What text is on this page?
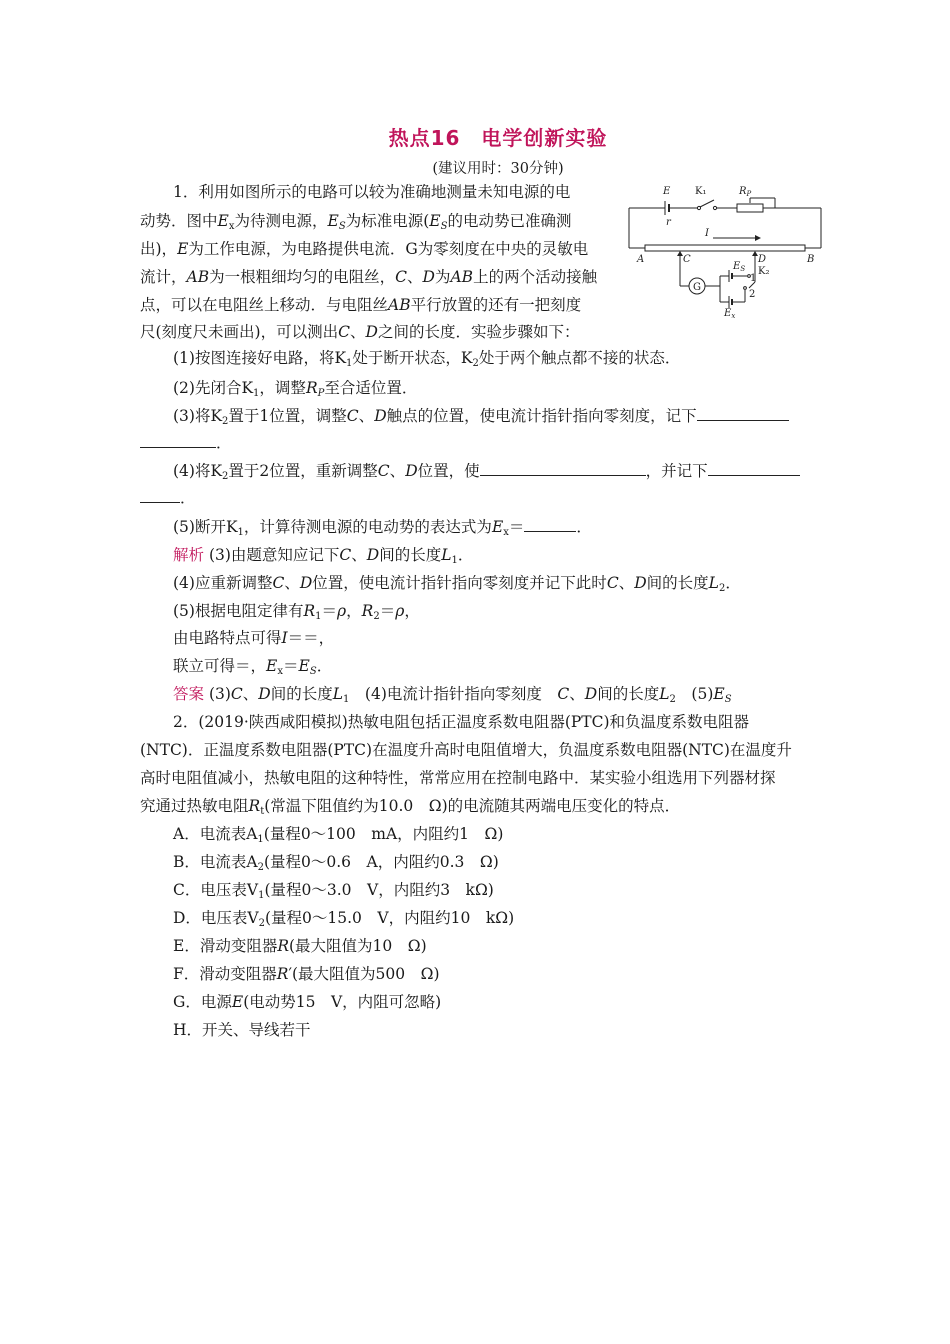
热点16　电学创新实验
(建议用时：30分钟)
1．利用如图所示的电路可以较为准确地测量未知电源的电
动势．图中$E_x$为待测电源，$E_S$为标准电源($E_S$的电动势已准确测
出)，E为工作电源，为电路提供电流．G为零刻度在中央的灵敏电
流计，AB为一根粗细均匀的电阻丝，C、D为AB上的两个活动接触
点，可以在电阻丝上移动．与电阻丝AB平行放置的还有一把刻度
尺(刻度尺未画出)，可以测出C、D之间的长度．实验步骤如下：
E
r
K₁	$R_P$
I
A	B
C	D
G
$E_S$ K₂
1
2
$E_x$
(1)按图连接好电路，将$K_1$处于断开状态，$K_2$处于两个触点都不接的状态．
(2)先闭合$K_1$，调整$R_P$至合适位置．
(3)将$K_2$置于1位置，调整C、D触点的位置，使电流计指针指向零刻度，记下
．
(4)将$K_2$置于2位置，重新调整C、D位置，使	，并记下
．
(5)断开$K_1$，计算待测电源的电动势的表达式为$E_x=$	．
解析 (3)由题意知应记下C、D间的长度$L_1$．
(4)应重新调整C、D位置，使电流计指针指向零刻度并记下此时C、D间的长度$L_2$．
(5)根据电阻定律有$R_1=\rho$，$R_2=\rho$，
由电路特点可得I＝＝，
联立可得＝，$E_x=E_S$．
答案 (3)C、D间的长度$L_1$　(4)电流计指针指向零刻度　C、D间的长度$L_2$　$(5)E_S$
2．(2019·陕西咸阳模拟)热敏电阻包括正温度系数电阻器(PTC)和负温度系数电阻器
(NTC)．正温度系数电阻器(PTC)在温度升高时电阻值增大，负温度系数电阻器(NTC)在温度升
高时电阻值减小，热敏电阻的这种特性，常常应用在控制电路中．某实验小组选用下列器材探
究通过热敏电阻$R_t$(常温下阻值约为10.0　Ω)的电流随其两端电压变化的特点．
A．电流表$A_1$(量程0～100　mA，内阻约1　Ω)
B．电流表$A_2$(量程0～0.6　A，内阻约0.3　Ω)
C．电压表$V_1$(量程0～3.0　V，内阻约3　kΩ)
D．电压表$V_2$(量程0～15.0　V，内阻约10　kΩ)
E．滑动变阻器R(最大阻值为10　Ω)
F．滑动变阻器R′(最大阻值为500　Ω)
G．电源E(电动势15　V，内阻可忽略)
H．开关、导线若干
